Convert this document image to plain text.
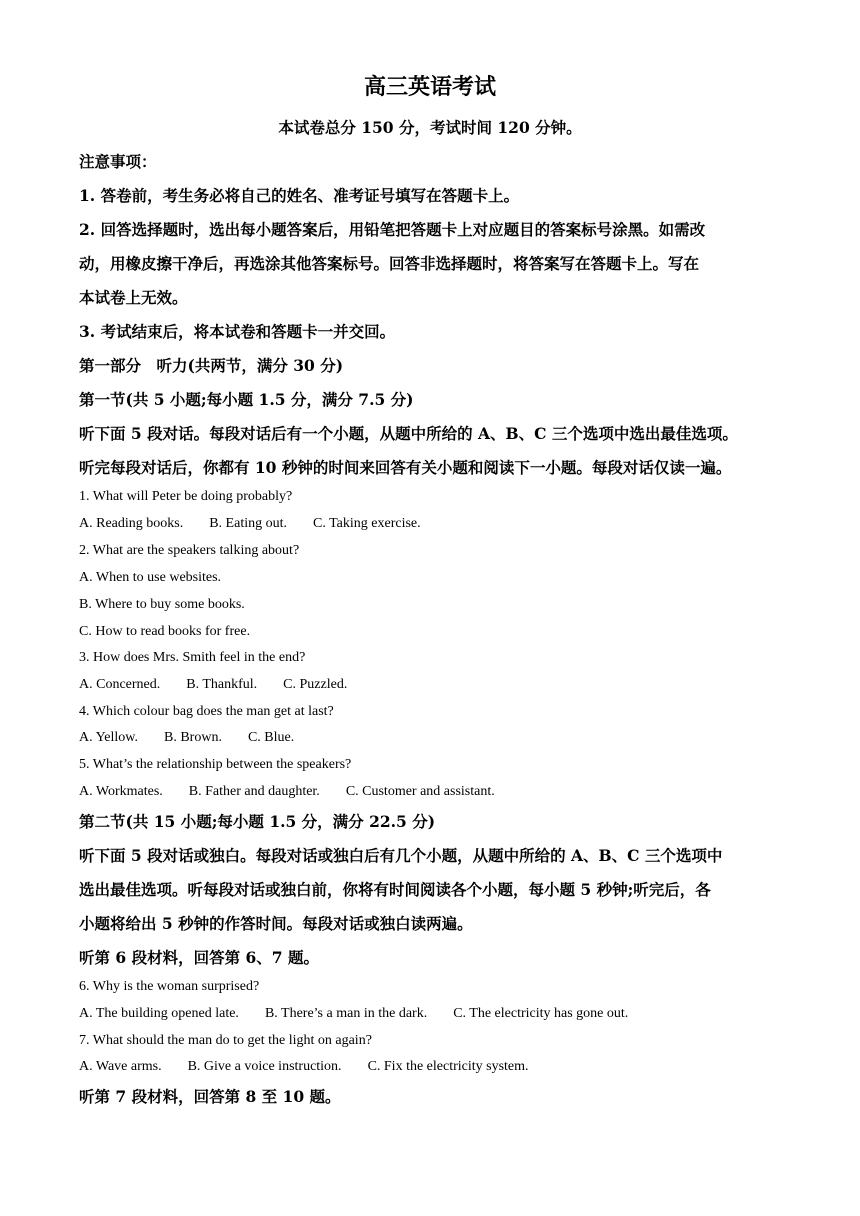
高三英语考试
本试卷总分 150 分，考试时间 120 分钟。
注意事项：
1. 答卷前，考生务必将自己的姓名、准考证号填写在答题卡上。
2. 回答选择题时，选出每小题答案后，用铅笔把答题卡上对应题目的答案标号涂黑。如需改
动，用橡皮擦干净后，再选涂其他答案标号。回答非选择题时，将答案写在答题卡上。写在
本试卷上无效。
3. 考试结束后，将本试卷和答题卡一并交回。
第一部分　听力(共两节，满分 30 分)
第一节(共 5 小题;每小题 1.5 分，满分 7.5 分)
听下面 5 段对话。每段对话后有一个小题，从题中所给的 A、B、C 三个选项中选出最佳选项。
听完每段对话后，你都有 10 秒钟的时间来回答有关小题和阅读下一小题。每段对话仅读一遍。
1. What will Peter be doing probably?
A. Reading books. B. Eating out. C. Taking exercise.
2. What are the speakers talking about?
A. When to use websites.
B. Where to buy some books.
C. How to read books for free.
3. How does Mrs. Smith feel in the end?
A. Concerned. B. Thankful. C. Puzzled.
4. Which colour bag does the man get at last?
A. Yellow. B. Brown. C. Blue.
5. What’s the relationship between the speakers?
A. Workmates. B. Father and daughter. C. Customer and assistant.
第二节(共 15 小题;每小题 1.5 分，满分 22.5 分)
听下面 5 段对话或独白。每段对话或独白后有几个小题，从题中所给的 A、B、C 三个选项中
选出最佳选项。听每段对话或独白前，你将有时间阅读各个小题，每小题 5 秒钟;听完后，各
小题将给出 5 秒钟的作答时间。每段对话或独白读两遍。
听第 6 段材料，回答第 6、7 题。
6. Why is the woman surprised?
A. The building opened late. B. There’s a man in the dark. C. The electricity has gone out.
7. What should the man do to get the light on again?
A. Wave arms. B. Give a voice instruction. C. Fix the electricity system.
听第 7 段材料，回答第 8 至 10 题。
